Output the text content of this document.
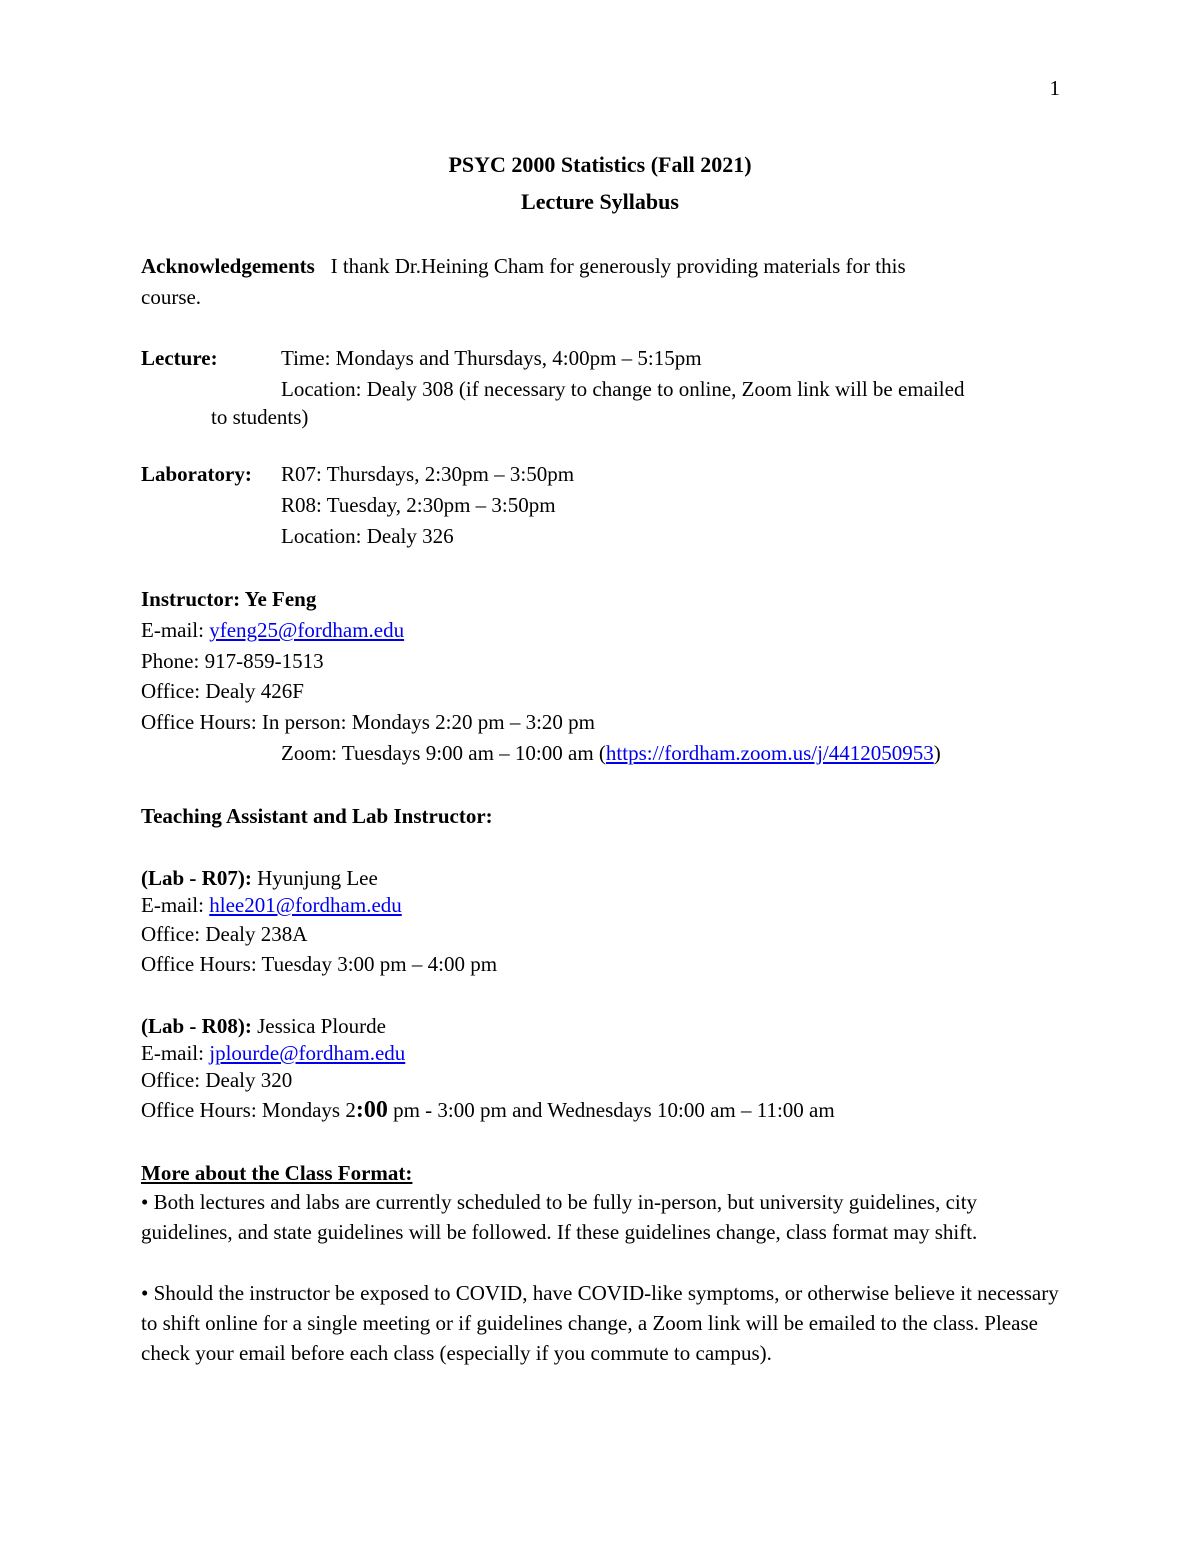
1
PSYC 2000 Statistics (Fall 2021)
Lecture Syllabus
Acknowledgements I thank Dr.Heining Cham for generously providing materials for this
course.
Lecture:	Time: Mondays and Thursdays, 4:00pm – 5:15pm
Location: Dealy 308 (if necessary to change to online, Zoom link will be emailed
to students)
Laboratory: R07: Thursdays, 2:30pm – 3:50pm
R08: Tuesday, 2:30pm – 3:50pm
Location: Dealy 326
Instructor: Ye Feng
E-mail: yfeng25@fordham.edu
Phone: 917-859-1513
Office: Dealy 426F
Office Hours: In person: Mondays 2:20 pm – 3:20 pm
Zoom: Tuesdays 9:00 am – 10:00 am (https://fordham.zoom.us/j/4412050953)
Teaching Assistant and Lab Instructor:
(Lab - R07): Hyunjung Lee
E-mail: hlee201@fordham.edu
Office: Dealy 238A
Office Hours: Tuesday 3:00 pm – 4:00 pm
(Lab - R08): Jessica Plourde
E-mail: jplourde@fordham.edu
Office: Dealy 320
Office Hours: Mondays 2:00 pm - 3:00 pm and Wednesdays 10:00 am – 11:00 am
More about the Class Format:
• Both lectures and labs are currently scheduled to be fully in-person, but university guidelines, city guidelines, and state guidelines will be followed. If these guidelines change, class format may shift.
• Should the instructor be exposed to COVID, have COVID-like symptoms, or otherwise believe it necessary to shift online for a single meeting or if guidelines change, a Zoom link will be emailed to the class. Please check your email before each class (especially if you commute to campus).
